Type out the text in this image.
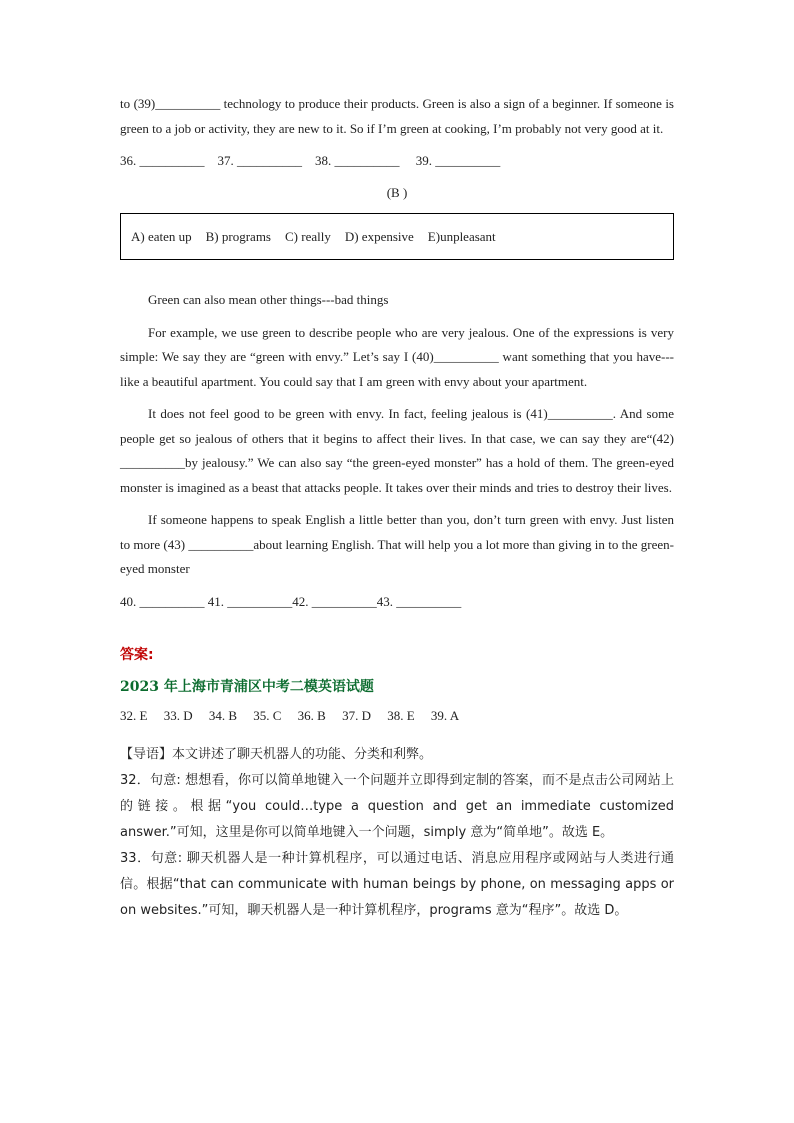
to (39)__________ technology to produce their products. Green is also a sign of a beginner. If someone is green to a job or activity, they are new to it. So if I’m green at cooking, I’m probably not very good at it.

36. __________    37. __________    38. __________     39. __________

(B )

A) eaten up B) programs C) really D) expensive E)unpleasant

Green can also mean other things---bad things

For example, we use green to describe people who are very jealous. One of the expressions is very simple: We say they are “green with envy.” Let’s say I (40)__________ want something that you have---like a beautiful apartment. You could say that I am green with envy about your apartment.

It does not feel good to be green with envy. In fact, feeling jealous is (41)__________. And some people get so jealous of others that it begins to affect their lives. In that case, we can say they are“(42) __________by jealousy.” We can also say “the green-eyed monster” has a hold of them. The green-eyed monster is imagined as a beast that attacks people. It takes over their minds and tries to destroy their lives.

If someone happens to speak English a little better than you, don’t turn green with envy. Just listen to more (43) __________about learning English. That will help you a lot more than giving in to the green-eyed monster

40. __________ 41. __________42. __________43. __________

答案:

2023 年上海市青浦区中考二模英语试题

32. E     33. D     34. B     35. C     36. B     37. D     38. E     39. A

【导语】本文讲述了聊天机器人的功能、分类和利弊。

32．句意: 想想看，你可以简单地键入一个问题并立即得到定制的答案，而不是点击公司网站上的链接。根据“you could…type a question and get an immediate customized answer.”可知，这里是你可以简单地键入一个问题，simply 意为“简单地”。故选 E。

33．句意: 聊天机器人是一种计算机程序，可以通过电话、消息应用程序或网站与人类进行通信。根据“that can communicate with human beings by phone, on messaging apps or on websites.”可知，聊天机器人是一种计算机程序，programs 意为“程序”。故选 D。
